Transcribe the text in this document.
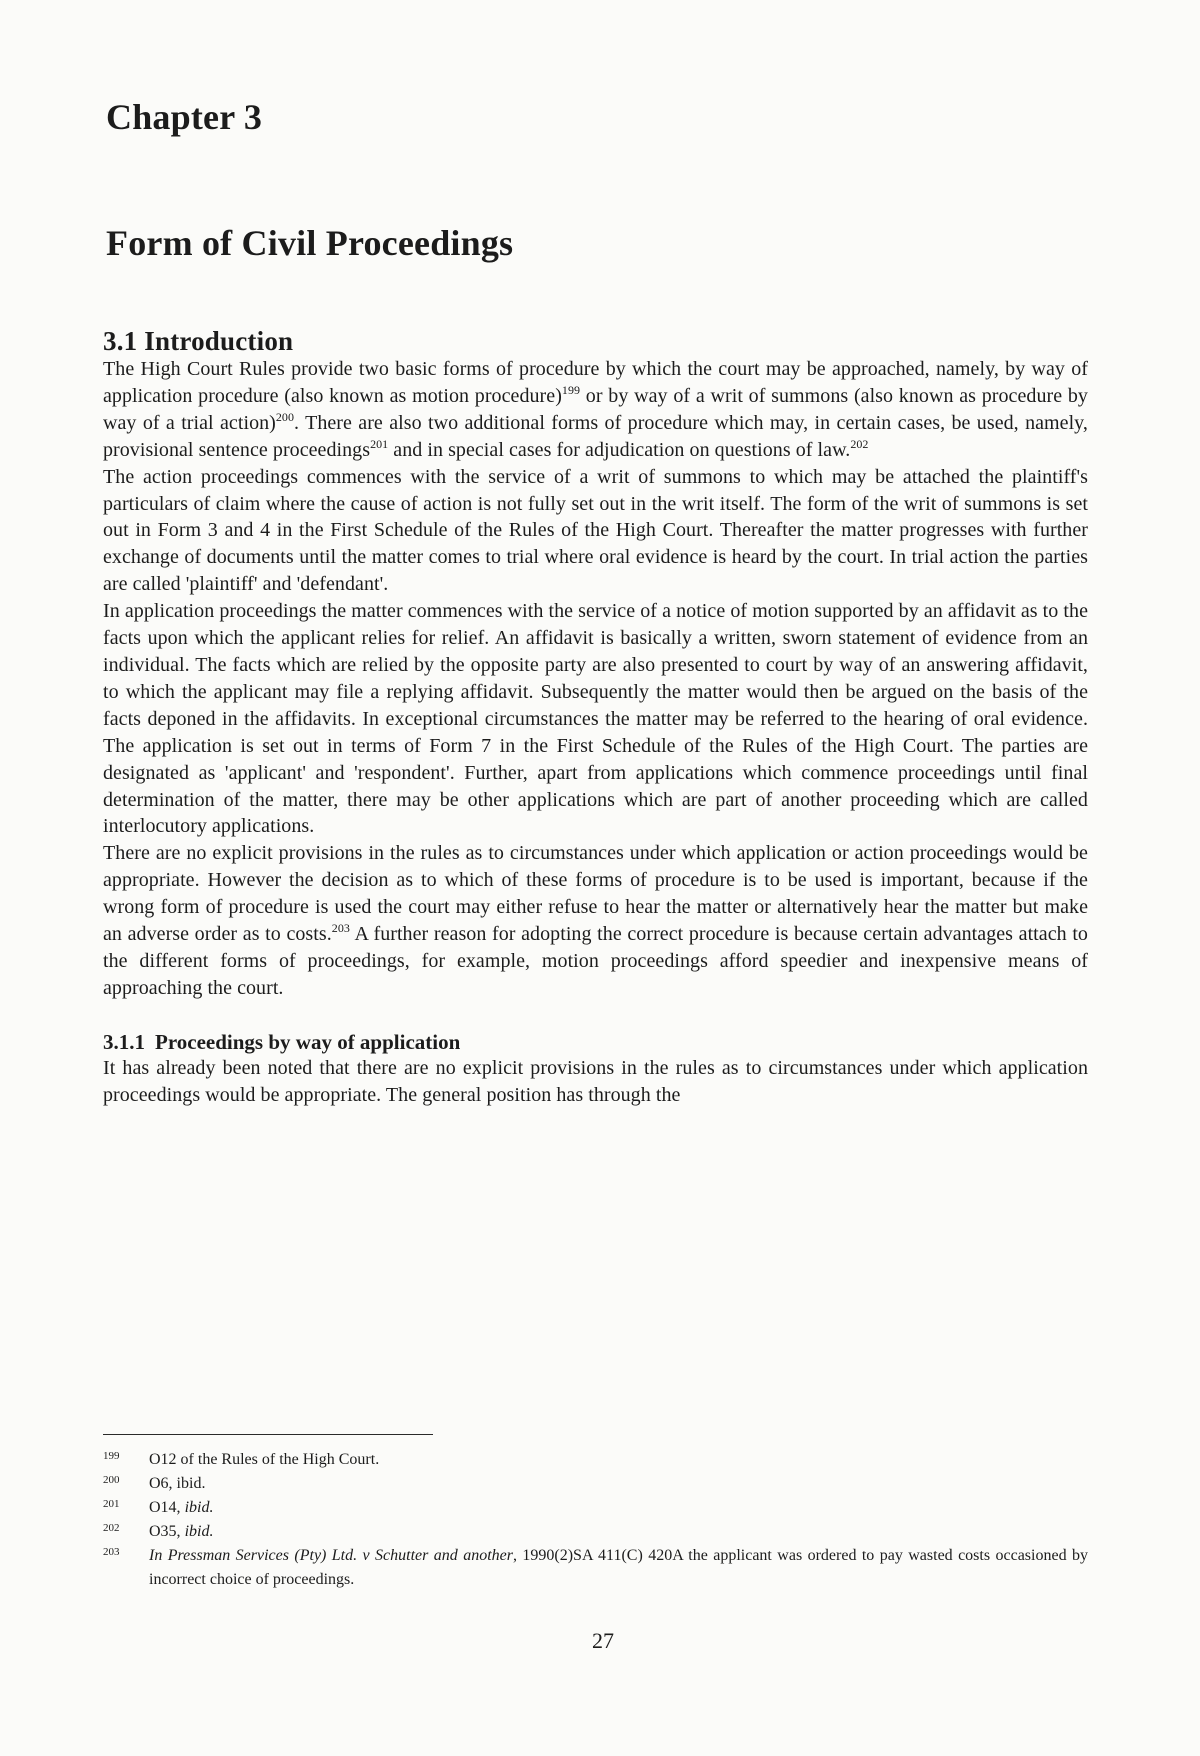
Chapter 3
Form of Civil Proceedings
3.1 Introduction

The High Court Rules provide two basic forms of procedure by which the court may be approached, namely, by way of application procedure (also known as motion procedure)$^{199}$ or by way of a writ of summons (also known as procedure by way of a trial action)$^{200}$. There are also two additional forms of procedure which may, in certain cases, be used, namely, provisional sentence proceedings$^{201}$ and in special cases for adjudication on questions of law.$^{202}$

The action proceedings commences with the service of a writ of summons to which may be attached the plaintiff's particulars of claim where the cause of action is not fully set out in the writ itself. The form of the writ of summons is set out in Form 3 and 4 in the First Schedule of the Rules of the High Court. Thereafter the matter progresses with further exchange of documents until the matter comes to trial where oral evidence is heard by the court. In trial action the parties are called 'plaintiff' and 'defendant'.

In application proceedings the matter commences with the service of a notice of motion supported by an affidavit as to the facts upon which the applicant relies for relief. An affidavit is basically a written, sworn statement of evidence from an individual. The facts which are relied by the opposite party are also presented to court by way of an answering affidavit, to which the applicant may file a replying affidavit. Subsequently the matter would then be argued on the basis of the facts deponed in the affidavits. In exceptional circumstances the matter may be referred to the hearing of oral evidence. The application is set out in terms of Form 7 in the First Schedule of the Rules of the High Court. The parties are designated as 'applicant' and 'respondent'. Further, apart from applications which commence proceedings until final determination of the matter, there may be other applications which are part of another proceeding which are called interlocutory applications.

There are no explicit provisions in the rules as to circumstances under which application or action proceedings would be appropriate. However the decision as to which of these forms of procedure is to be used is important, because if the wrong form of procedure is used the court may either refuse to hear the matter or alternatively hear the matter but make an adverse order as to costs.$^{203}$ A further reason for adopting the correct procedure is because certain advantages attach to the different forms of proceedings, for example, motion proceedings afford speedier and inexpensive means of approaching the court.

3.1.1 Proceedings by way of application

It has already been noted that there are no explicit provisions in the rules as to circumstances under which application proceedings would be appropriate. The general position has through the

199	O12 of the Rules of the High Court.
200	O6, ibid.
201	O14, ibid.
202	O35, ibid.
203	In Pressman Services (Pty) Ltd. v Schutter and another, 1990(2)SA 411(C) 420A the applicant was ordered to pay wasted costs occasioned by incorrect choice of proceedings.
27
